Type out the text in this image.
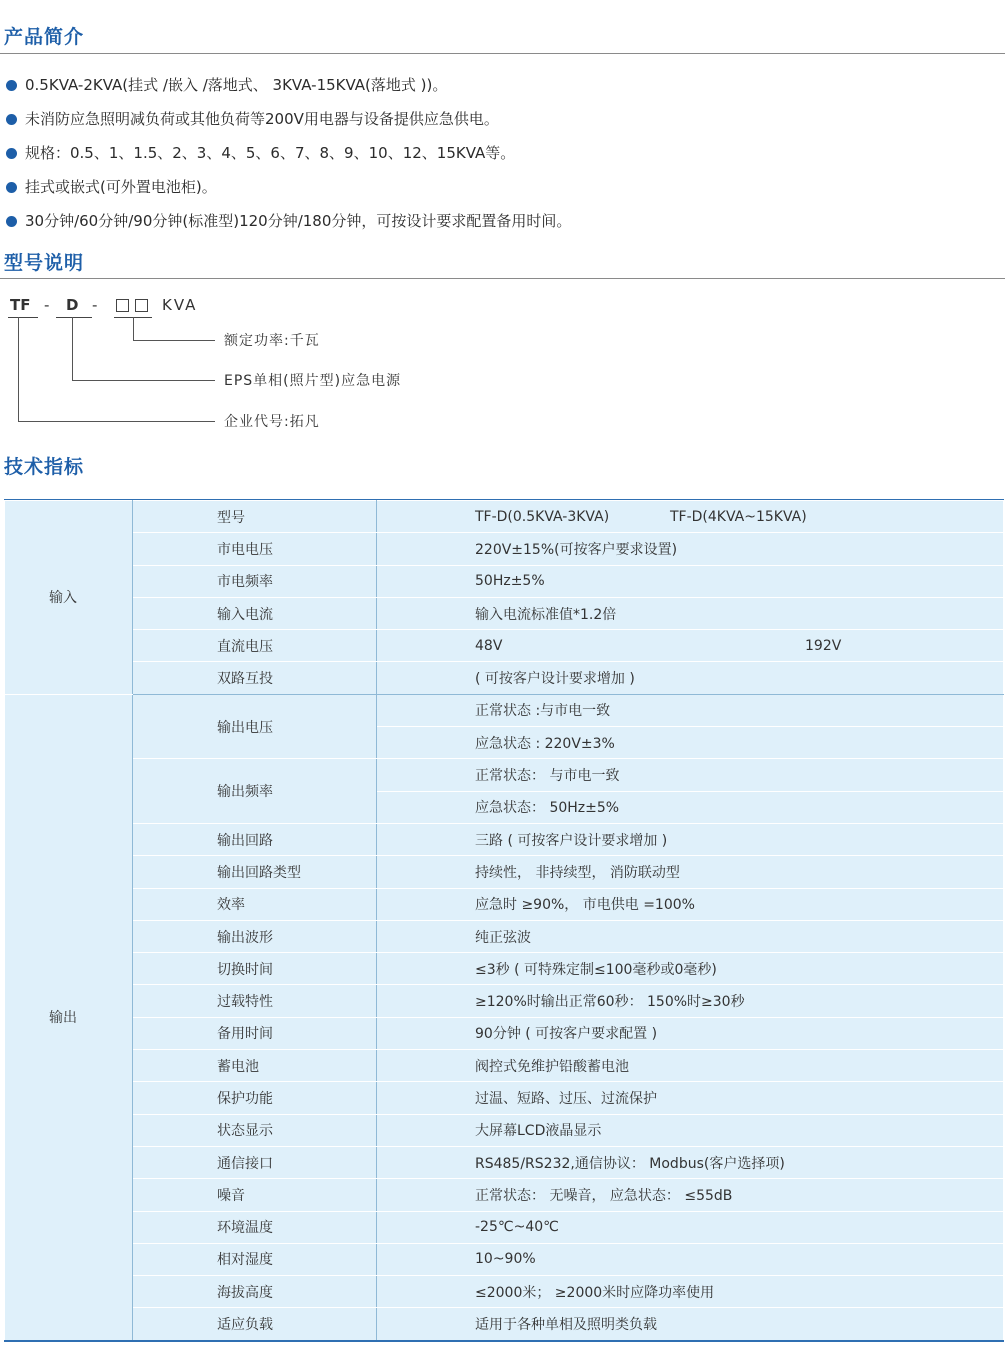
产品简介
0.5KVA-2KVA(挂式 /嵌入 /落地式、 3KVA-15KVA(落地式 ))。
未消防应急照明减负荷或其他负荷等200V用电器与设备提供应急供电。
规格：0.5、1、1.5、2、3、4、5、6、7、8、9、10、12、15KVA等。
挂式或嵌式(可外置电池柜)。
30分钟/60分钟/90分钟(标准型)120分钟/180分钟，可按设计要求配置备用时间。
型号说明
TF - D -	KVA
额定功率:千瓦
EPS单相(照片型)应急电源
企业代号:拓凡
技术指标
输入	型号	TF-D(0.5KVA-3KVA) TF-D(4KVA~15KVA)
	市电电压	220V±15%(可按客户要求设置)
	市电频率	50Hz±5%
	输入电流	输入电流标准值*1.2倍
	直流电压	48V 192V
	双路互投	( 可按客户设计要求增加 )
输出	输出电压	正常状态 :与市电一致
		应急状态 : 220V±3%
	输出频率	正常状态： 与市电一致
		应急状态： 50Hz±5%
	输出回路	三路 ( 可按客户设计要求增加 )
	输出回路类型	持续性， 非持续型， 消防联动型
	效率	应急时 ≥90%， 市电供电 =100%
	输出波形	纯正弦波
	切换时间	≤3秒 ( 可特殊定制≤100毫秒或0毫秒)
	过载特性	≥120%时输出正常60秒： 150%时≥30秒
	备用时间	90分钟 ( 可按客户要求配置 )
	蓄电池	阀控式免维护铅酸蓄电池
	保护功能	过温、短路、过压、过流保护
	状态显示	大屏幕LCD液晶显示
	通信接口	RS485/RS232,通信协议： Modbus(客户选择项)
	噪音	正常状态： 无噪音， 应急状态： ≤55dB
	环境温度	-25℃~40℃
	相对湿度	10~90%
	海拔高度	≤2000米； ≥2000米时应降功率使用
	适应负载	适用于各种单相及照明类负载
